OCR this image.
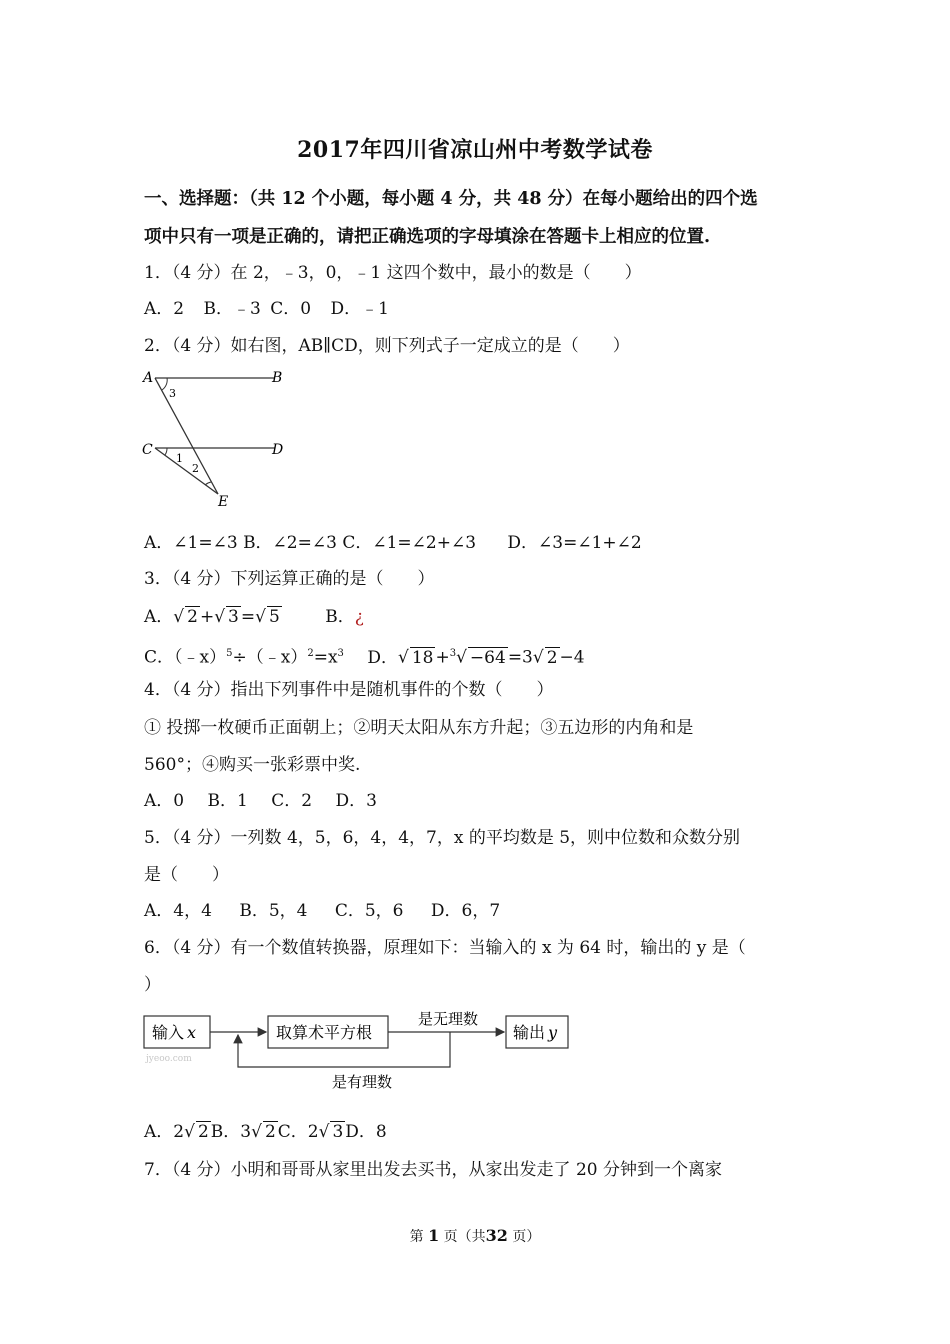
2017年四川省凉山州中考数学试卷
一、选择题：（共 12 个小题，每小题 4 分，共 48 分）在每小题给出的四个选
项中只有一项是正确的，请把正确选项的字母填涂在答题卡上相应的位置.
1．（4 分）在 2，﹣3，0，﹣1 这四个数中，最小的数是（　　）
A．2 B．﹣3 C．0 D．﹣1
2．（4 分）如右图，AB∥CD，则下列式子一定成立的是（　　）
A	B
C	D
E
3
1
2
A．∠1=∠3 B．∠2=∠3 C．∠1=∠2+∠3 D．∠3=∠1+∠2
3．（4 分）下列运算正确的是（　　）
A．√ 2 +√ 3 =√ 5	B．¿
C．$(﹣x)^5\div(﹣x)^2=x^3$ D．√ 18 +$^3$√ −64 =3√ 2 −4
4．（4 分）指出下列事件中是随机事件的个数（　　）
① 投掷一枚硬币正面朝上；②明天太阳从东方升起；③五边形的内角和是
560°；④购买一张彩票中奖.
A．0 B．1 C．2 D．3
5．（4 分）一列数 4，5，6，4，4，7，x 的平均数是 5，则中位数和众数分别
是（　　）
A．4，4 B．5，4 C．5，6 D．6，7
6．（4 分）有一个数值转换器，原理如下：当输入的 x 为 64 时，输出的 y 是（
）
输入 x
jyeoo.com
取算术平方根
是无理数
输出 y
是有理数
A．2√ 2 B．3√ 2 C．2√ 3 D．8
7．（4 分）小明和哥哥从家里出发去买书，从家出发走了 20 分钟到一个离家
第 1 页（共32 页）
